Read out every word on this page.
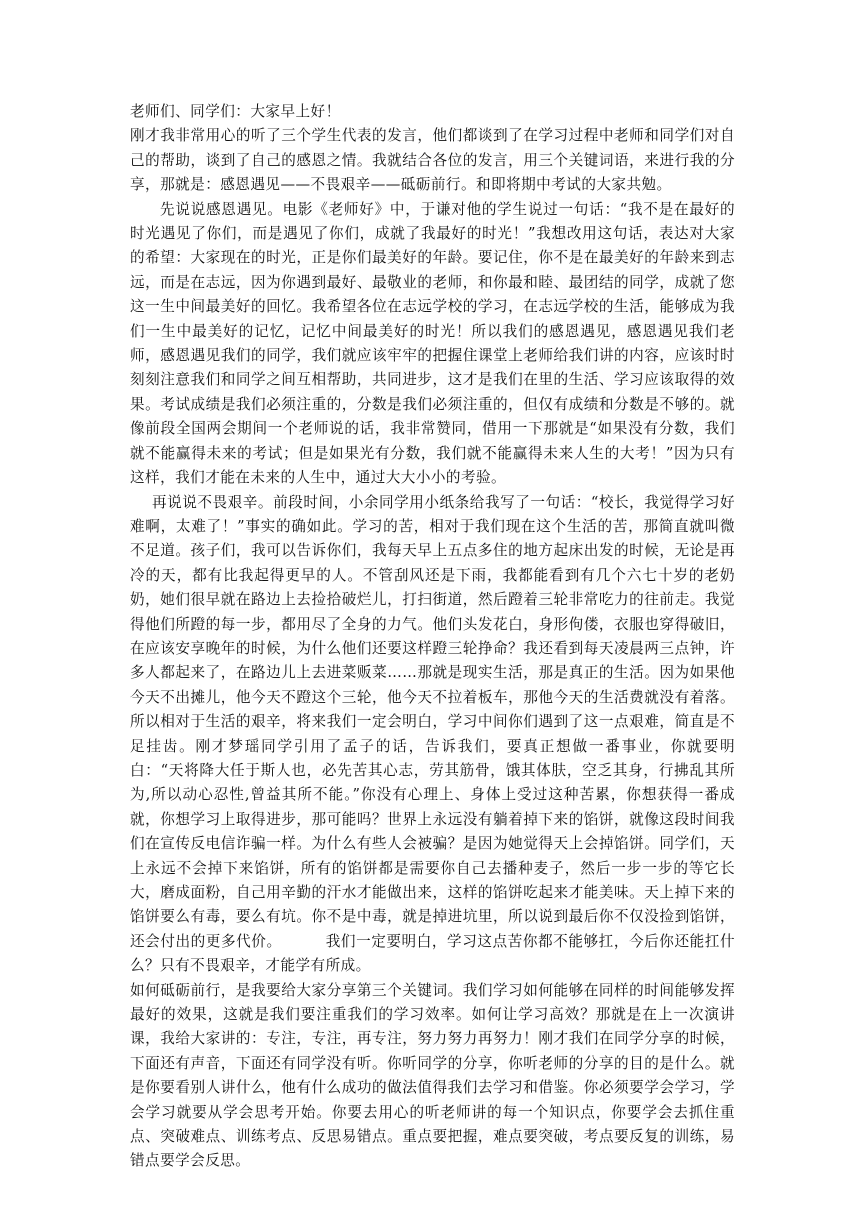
老师们、同学们：大家早上好！

刚才我非常用心的听了三个学生代表的发言，他们都谈到了在学习过程中老师和同学们对自己的帮助，谈到了自己的感恩之情。我就结合各位的发言，用三个关键词语，来进行我的分享，那就是：感恩遇见——不畏艰辛——砥砺前行。和即将期中考试的大家共勉。

先说说感恩遇见。电影《老师好》中，于谦对他的学生说过一句话：“我不是在最好的时光遇见了你们，而是遇见了你们，成就了我最好的时光！”我想改用这句话，表达对大家的希望：大家现在的时光，正是你们最美好的年龄。要记住，你不是在最美好的年龄来到志远，而是在志远，因为你遇到最好、最敬业的老师，和你最和睦、最团结的同学，成就了您这一生中间最美好的回忆。我希望各位在志远学校的学习，在志远学校的生活，能够成为我们一生中最美好的记忆，记忆中间最美好的时光！所以我们的感恩遇见，感恩遇见我们老师，感恩遇见我们的同学，我们就应该牢牢的把握住课堂上老师给我们讲的内容，应该时时刻刻注意我们和同学之间互相帮助，共同进步，这才是我们在里的生活、学习应该取得的效果。考试成绩是我们必须注重的，分数是我们必须注重的，但仅有成绩和分数是不够的。就像前段全国两会期间一个老师说的话，我非常赞同，借用一下那就是“如果没有分数，我们就不能赢得未来的考试；但是如果光有分数，我们就不能赢得未来人生的大考！”因为只有这样，我们才能在未来的人生中，通过大大小小的考验。

再说说不畏艰辛。前段时间，小余同学用小纸条给我写了一句话：“校长，我觉得学习好难啊，太难了！”事实的确如此。学习的苦，相对于我们现在这个生活的苦，那简直就叫微不足道。孩子们，我可以告诉你们，我每天早上五点多住的地方起床出发的时候，无论是再冷的天，都有比我起得更早的人。不管刮风还是下雨，我都能看到有几个六七十岁的老奶奶，她们很早就在路边上去捡拾破烂儿，打扫街道，然后蹬着三轮非常吃力的往前走。我觉得他们所蹬的每一步，都用尽了全身的力气。他们头发花白，身形佝偻，衣服也穿得破旧，在应该安享晚年的时候，为什么他们还要这样蹬三轮挣命？我还看到每天凌晨两三点钟，许多人都起来了，在路边儿上去进菜贩菜……那就是现实生活，那是真正的生活。因为如果他今天不出摊儿，他今天不蹬这个三轮，他今天不拉着板车，那他今天的生活费就没有着落。所以相对于生活的艰辛，将来我们一定会明白，学习中间你们遇到了这一点艰难，简直是不足挂齿。刚才梦瑶同学引用了孟子的话，告诉我们，要真正想做一番事业，你就要明白：“天将降大任于斯人也，必先苦其心志，劳其筋骨，饿其体肤，空乏其身，行拂乱其所为,所以动心忍性,曾益其所不能。”你没有心理上、身体上受过这种苦累，你想获得一番成就，你想学习上取得进步，那可能吗？世界上永远没有躺着掉下来的馅饼，就像这段时间我们在宣传反电信诈骗一样。为什么有些人会被骗？是因为她觉得天上会掉馅饼。同学们，天上永远不会掉下来馅饼，所有的馅饼都是需要你自己去播种麦子，然后一步一步的等它长大，磨成面粉，自己用辛勤的汗水才能做出来，这样的馅饼吃起来才能美味。天上掉下来的馅饼要么有毒，要么有坑。你不是中毒，就是掉进坑里，所以说到最后你不仅没捡到馅饼，还会付出的更多代价。	我们一定要明白，学习这点苦你都不能够扛，今后你还能扛什么？只有不畏艰辛，才能学有所成。

如何砥砺前行，是我要给大家分享第三个关键词。我们学习如何能够在同样的时间能够发挥最好的效果，这就是我们要注重我们的学习效率。如何让学习高效？那就是在上一次演讲课，我给大家讲的：专注，专注，再专注，努力努力再努力！刚才我们在同学分享的时候，下面还有声音，下面还有同学没有听。你听同学的分享，你听老师的分享的目的是什么。就是你要看别人讲什么，他有什么成功的做法值得我们去学习和借鉴。你必须要学会学习，学会学习就要从学会思考开始。你要去用心的听老师讲的每一个知识点，你要学会去抓住重点、突破难点、训练考点、反思易错点。重点要把握，难点要突破，考点要反复的训练，易错点要学会反思。
